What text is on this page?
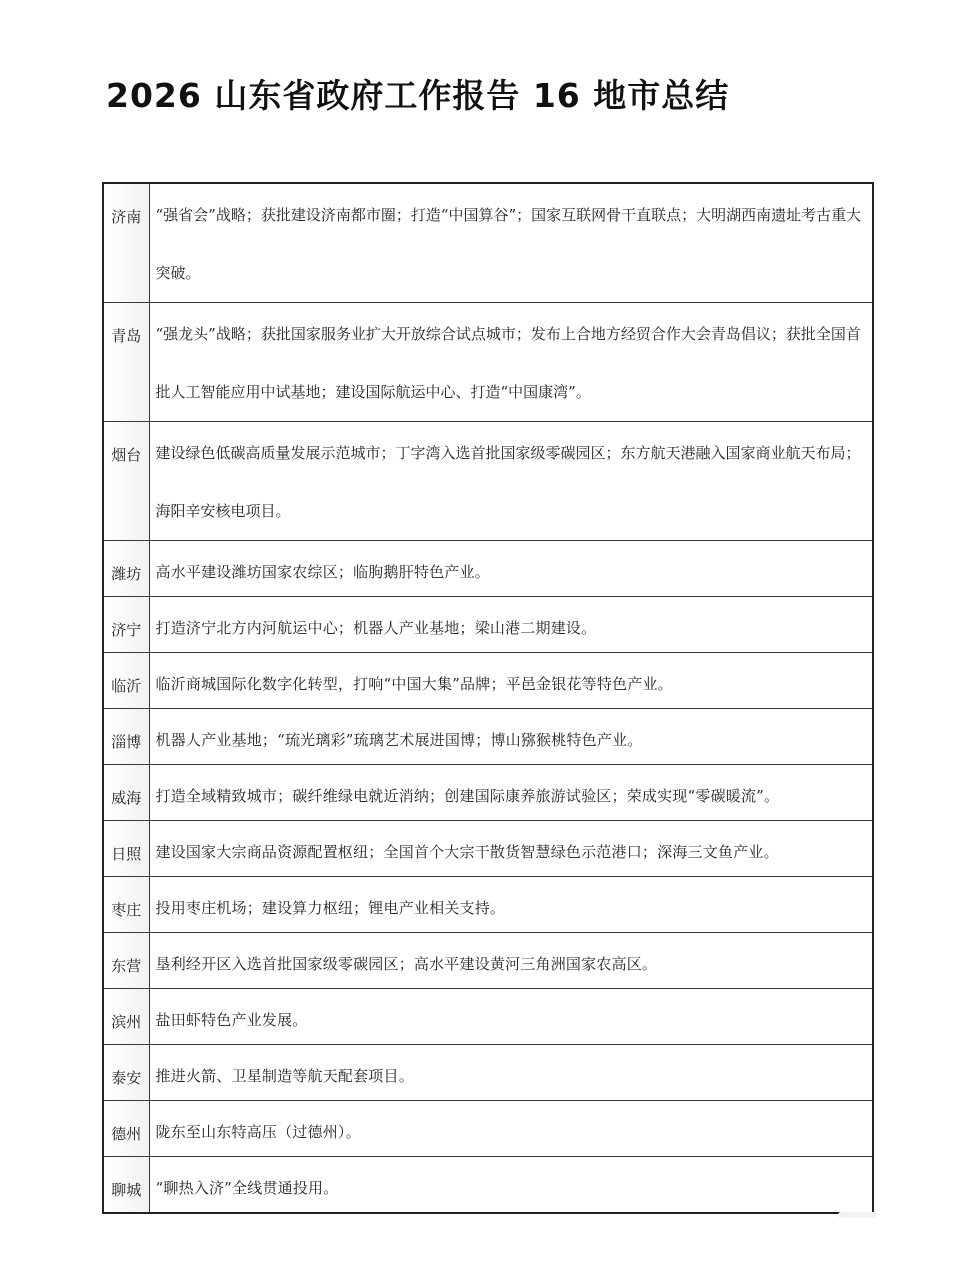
2026 山东省政府工作报告 16 地市总结
济南	“强省会”战略；获批建设济南都市圈；打造“中国算谷”；国家互联网骨干直联点；大明湖西南遗址考古重大突破。
青岛	“强龙头”战略；获批国家服务业扩大开放综合试点城市；发布上合地方经贸合作大会青岛倡议；获批全国首批人工智能应用中试基地；建设国际航运中心、打造“中国康湾”。
烟台	建设绿色低碳高质量发展示范城市；丁字湾入选首批国家级零碳园区；东方航天港融入国家商业航天布局；海阳辛安核电项目。
潍坊	高水平建设潍坊国家农综区；临朐鹅肝特色产业。
济宁	打造济宁北方内河航运中心；机器人产业基地；梁山港二期建设。
临沂	临沂商城国际化数字化转型，打响“中国大集”品牌；平邑金银花等特色产业。
淄博	机器人产业基地；“琉光璃彩”琉璃艺术展进国博；博山猕猴桃特色产业。
威海	打造全域精致城市；碳纤维绿电就近消纳；创建国际康养旅游试验区；荣成实现“零碳暖流”。
日照	建设国家大宗商品资源配置枢纽；全国首个大宗干散货智慧绿色示范港口；深海三文鱼产业。
枣庄	投用枣庄机场；建设算力枢纽；锂电产业相关支持。
东营	垦利经开区入选首批国家级零碳园区；高水平建设黄河三角洲国家农高区。
滨州	盐田虾特色产业发展。
泰安	推进火箭、卫星制造等航天配套项目。
德州	陇东至山东特高压（过德州）。
聊城	“聊热入济”全线贯通投用。
